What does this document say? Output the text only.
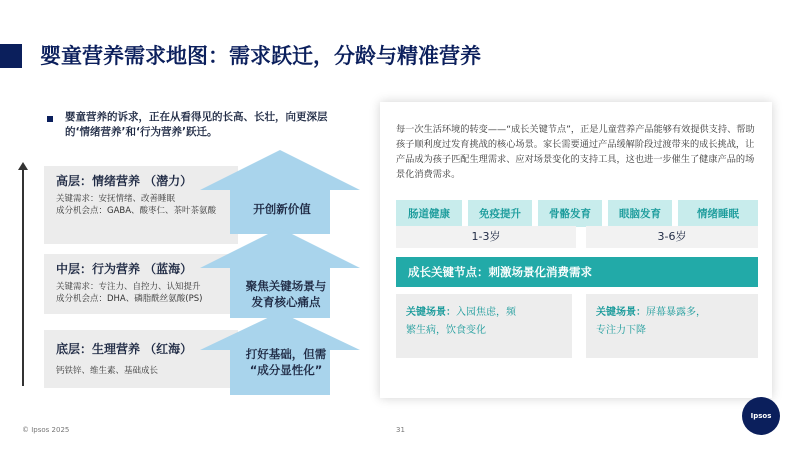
婴童营养需求地图：需求跃迁，分龄与精准营养
婴童营养的诉求，正在从看得见的长高、长壮，向更深层的‘情绪营养’和‘行为营养’跃迁。
高层：情绪营养 （潜力）
关键需求：安抚情绪、改善睡眠
成分机会点：GABA、酸枣仁、茶叶茶氨酸
中层：行为营养 （蓝海）
关键需求：专注力、自控力、认知提升
成分机会点：DHA、磷脂酰丝氨酸(PS)
底层：生理营养 （红海）
钙铁锌、维生素、基础成长
开创新价值
聚焦关键场景与
发育核心痛点
打好基础，但需
“成分显性化”
每一次生活环境的转变——“成长关键节点”，正是儿童营养产品能够有效提供支持、帮助孩子顺利度过发育挑战的核心场景。家长需要通过产品缓解阶段过渡带来的成长挑战，让产品成为孩子匹配生理需求、应对场景变化的支持工具，这也进一步催生了健康产品的场景化消费需求。
肠道健康	免疫提升	骨骼发育	眼脑发育	情绪睡眠
1-3岁	3-6岁
成长关键节点：刺激场景化消费需求
关键场景：入园焦虑，频
繁生病，饮食变化
关键场景：屏幕暴露多，
专注力下降
© Ipsos 2025	31
Ipsos
